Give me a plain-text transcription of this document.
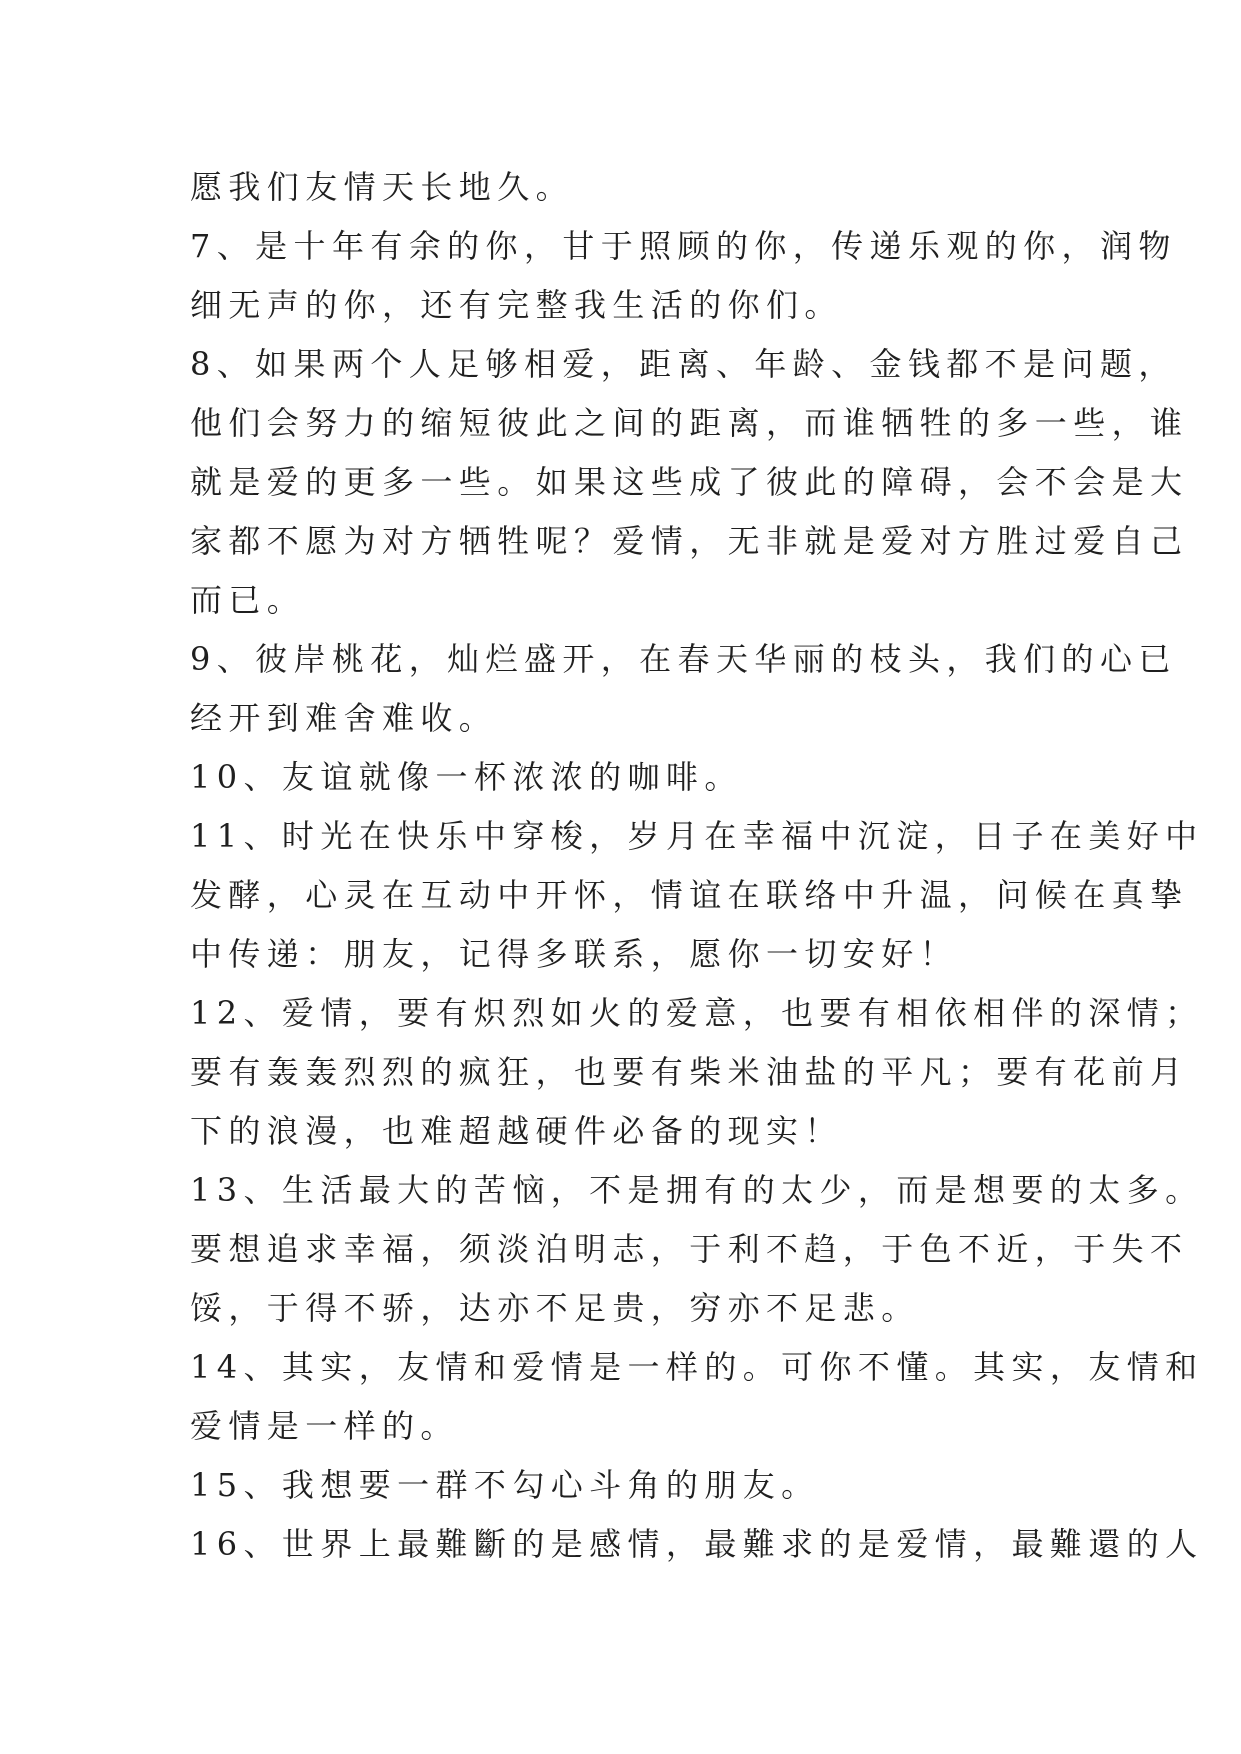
愿我们友情天长地久。
7、是十年有余的你，甘于照顾的你，传递乐观的你，润物
细无声的你，还有完整我生活的你们。
8、如果两个人足够相爱，距离、年龄、金钱都不是问题，
他们会努力的缩短彼此之间的距离，而谁牺牲的多一些，谁
就是爱的更多一些。如果这些成了彼此的障碍，会不会是大
家都不愿为对方牺牲呢？爱情，无非就是爱对方胜过爱自己
而已。
9、彼岸桃花，灿烂盛开，在春天华丽的枝头，我们的心已
经开到难舍难收。
10、友谊就像一杯浓浓的咖啡。
11、时光在快乐中穿梭，岁月在幸福中沉淀，日子在美好中
发酵，心灵在互动中开怀，情谊在联络中升温，问候在真挚
中传递：朋友，记得多联系，愿你一切安好！
12、爱情，要有炽烈如火的爱意，也要有相依相伴的深情；
要有轰轰烈烈的疯狂，也要有柴米油盐的平凡；要有花前月
下的浪漫，也难超越硬件必备的现实！
13、生活最大的苦恼，不是拥有的太少，而是想要的太多。
要想追求幸福，须淡泊明志，于利不趋，于色不近，于失不
馁，于得不骄，达亦不足贵，穷亦不足悲。
14、其实，友情和爱情是一样的。可你不懂。其实，友情和
爱情是一样的。
15、我想要一群不勾心斗角的朋友。
16、世界上最難斷的是感情，最難求的是爱情，最難還的人
